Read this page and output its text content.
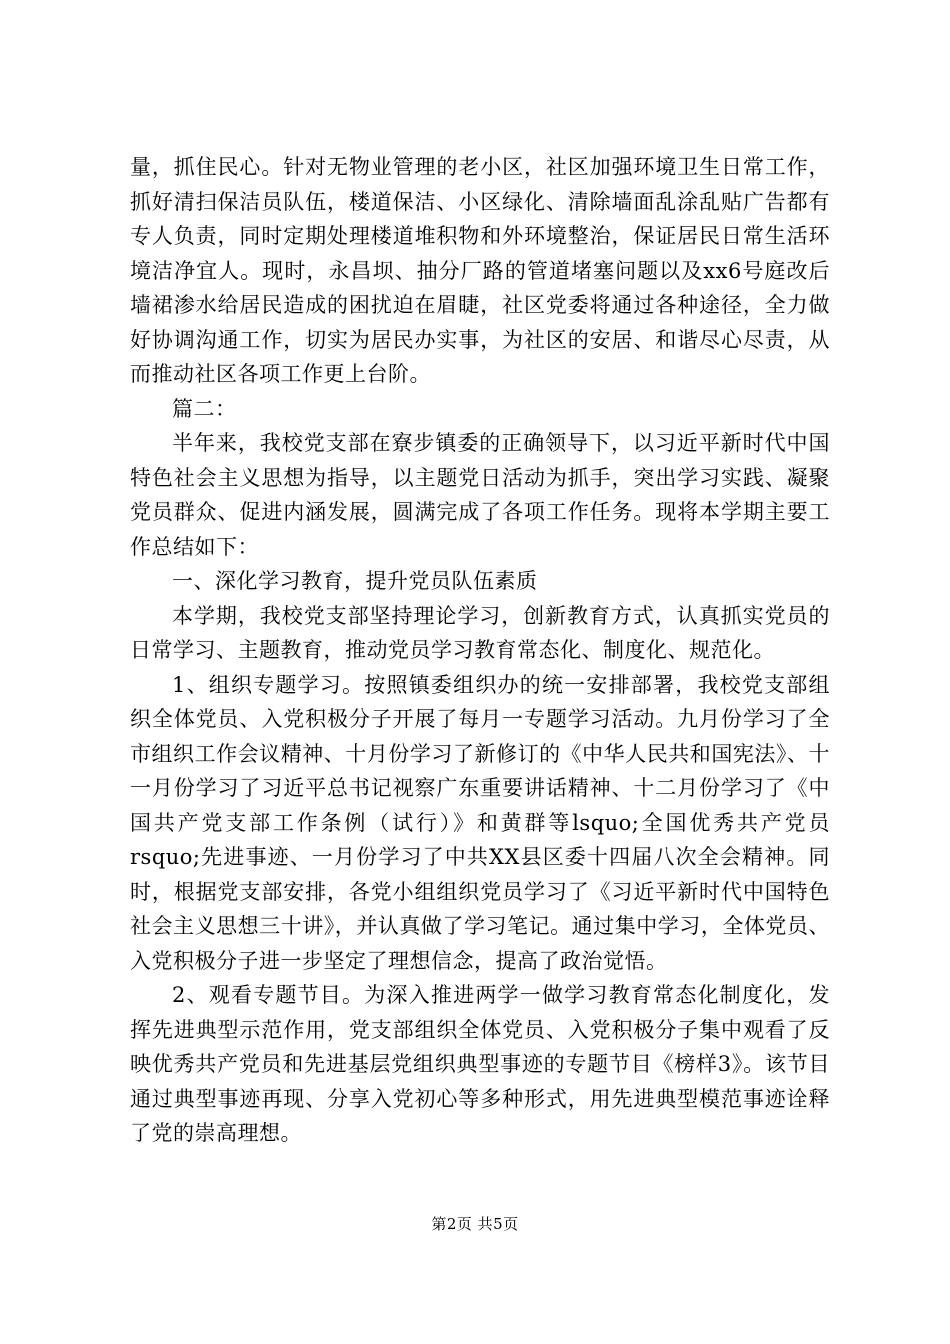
量，抓住民心。针对无物业管理的老小区，社区加强环境卫生日常工作，抓好清扫保洁员队伍，楼道保洁、小区绿化、清除墙面乱涂乱贴广告都有专人负责，同时定期处理楼道堆积物和外环境整治，保证居民日常生活环境洁净宜人。现时，永昌坝、抽分厂路的管道堵塞问题以及xx6号庭改后墙裙渗水给居民造成的困扰迫在眉睫，社区党委将通过各种途径，全力做好协调沟通工作，切实为居民办实事，为社区的安居、和谐尽心尽责，从而推动社区各项工作更上台阶。

篇二：

半年来，我校党支部在寮步镇委的正确领导下，以习近平新时代中国特色社会主义思想为指导，以主题党日活动为抓手，突出学习实践、凝聚党员群众、促进内涵发展，圆满完成了各项工作任务。现将本学期主要工作总结如下：

一、深化学习教育，提升党员队伍素质

本学期，我校党支部坚持理论学习，创新教育方式，认真抓实党员的日常学习、主题教育，推动党员学习教育常态化、制度化、规范化。

1、组织专题学习。按照镇委组织办的统一安排部署，我校党支部组织全体党员、入党积极分子开展了每月一专题学习活动。九月份学习了全市组织工作会议精神、十月份学习了新修订的《中华人民共和国宪法》、十一月份学习了习近平总书记视察广东重要讲话精神、十二月份学习了《中国共产党支部工作条例（试行）》和黄群等lsquo;全国优秀共产党员rsquo;先进事迹、一月份学习了中共XX县区委十四届八次全会精神。同时，根据党支部安排，各党小组组织党员学习了《习近平新时代中国特色社会主义思想三十讲》，并认真做了学习笔记。通过集中学习，全体党员、入党积极分子进一步坚定了理想信念，提高了政治觉悟。

2、观看专题节目。为深入推进两学一做学习教育常态化制度化，发挥先进典型示范作用，党支部组织全体党员、入党积极分子集中观看了反映优秀共产党员和先进基层党组织典型事迹的专题节目《榜样3》。该节目通过典型事迹再现、分享入党初心等多种形式，用先进典型模范事迹诠释了党的崇高理想。

第2页 共5页
